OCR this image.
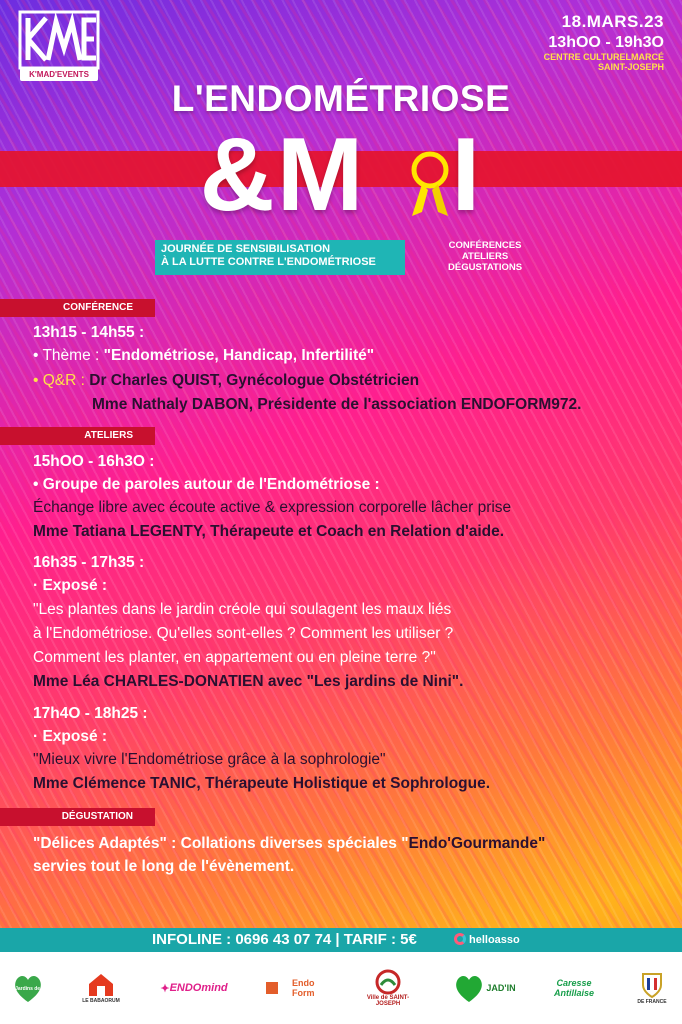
K'MAD'EVENTS
18.MARS.23
13hOO - 19h3O
CENTRE CULTURELMARCÉ
SAINT-JOSEPH
L'ENDOMÉTRIOSE
&M I
JOURNÉE DE SENSIBILISATION
À LA LUTTE CONTRE L'ENDOMÉTRIOSE
CONFÉRENCES
ATELIERS
DÉGUSTATIONS
CONFÉRENCE
13h15 - 14h55 :
• Thème : "Endométriose, Handicap, Infertilité"
• Q&R : Dr Charles QUIST, Gynécologue Obstétricien
Mme Nathaly DABON, Présidente de l'association ENDOFORM972.
ATELIERS
15hOO - 16h3O :
• Groupe de paroles autour de l'Endométriose :
Échange libre avec écoute active & expression corporelle lâcher prise
Mme Tatiana LEGENTY, Thérapeute et Coach en Relation d'aide.
16h35 - 17h35 :
· Exposé :
"Les plantes dans le jardin créole qui soulagent les maux liés
à l'Endométriose. Qu'elles sont-elles ? Comment les utiliser ?
Comment les planter, en appartement ou en pleine terre ?"
Mme Léa CHARLES-DONATIEN avec "Les jardins de Nini".
17h4O - 18h25 :
· Exposé :
"Mieux vivre l'Endométriose grâce à la sophrologie"
Mme Clémence TANIC, Thérapeute Holistique et Sophrologue.
DÉGUSTATION
"Délices Adaptés" : Collations diverses spéciales "Endo'Gourmande"
servies tout le long de l'évènement.
INFOLINE : 0696 43 07 74 | TARIF : 5€	helloasso
Les Jardins de Nini
LE BABAORUM
✦ ENDOmind	Endo Form	Ville de SAINT-JOSEPH
JAD'IN	Caresse Antillaise
DE FRANCE
